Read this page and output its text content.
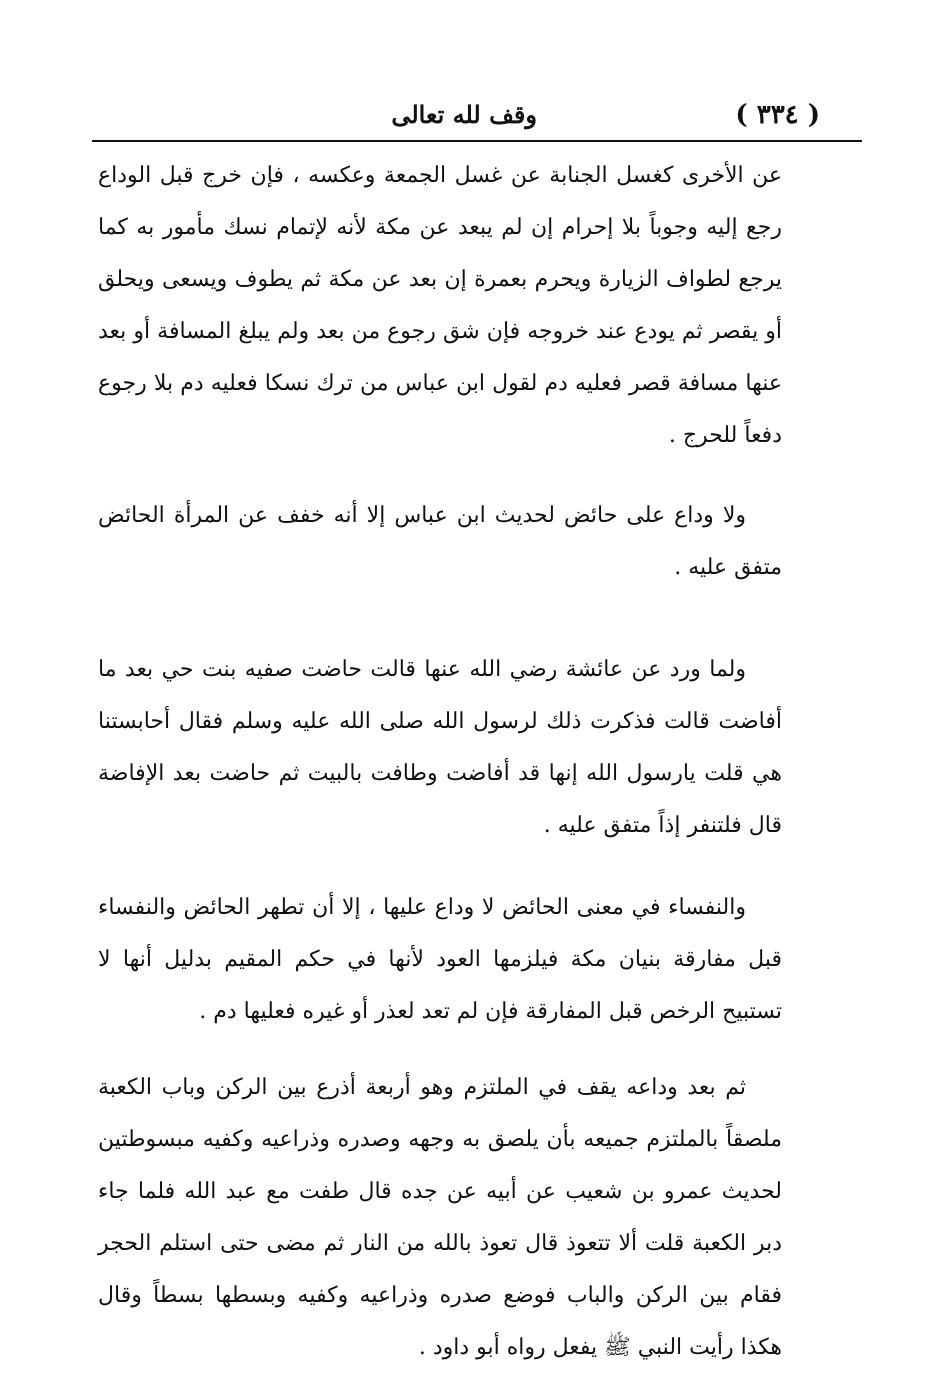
( ٣٣٤ )
وقف لله تعالى

عن الأخرى كغسل الجنابة عن غسل الجمعة وعكسه ، فإن خرج قبل الوداع رجع إليه وجوباً بلا إحرام إن لم يبعد عن مكة لأنه لإتمام نسك مأمور به كما يرجع لطواف الزيارة ويحرم بعمرة إن بعد عن مكة ثم يطوف ويسعى ويحلق أو يقصر ثم يودع عند خروجه فإن شق رجوع من بعد ولم يبلغ المسافة أو بعد عنها مسافة قصر فعليه دم لقول ابن عباس من ترك نسكا فعليه دم بلا رجوع دفعاً للحرج .

ولا وداع على حائض لحديث ابن عباس إلا أنه خفف عن المرأة الحائض متفق عليه .

ولما ورد عن عائشة رضي الله عنها قالت حاضت صفيه بنت حي بعد ما أفاضت قالت فذكرت ذلك لرسول الله صلى الله عليه وسلم فقال أحابستنا هي قلت يارسول الله إنها قد أفاضت وطافت بالبيت ثم حاضت بعد الإفاضة قال فلتنفر إذاً متفق عليه .

والنفساء في معنى الحائض لا وداع عليها ، إلا أن تطهر الحائض والنفساء قبل مفارقة بنيان مكة فيلزمها العود لأنها في حكم المقيم بدليل أنها لا تستبيح الرخص قبل المفارقة فإن لم تعد لعذر أو غيره فعليها دم .

ثم بعد وداعه يقف في الملتزم وهو أربعة أذرع بين الركن وباب الكعبة ملصقاً بالملتزم جميعه بأن يلصق به وجهه وصدره وذراعيه وكفيه مبسوطتين لحديث عمرو بن شعيب عن أبيه عن جده قال طفت مع عبد الله فلما جاء دبر الكعبة قلت ألا تتعوذ قال تعوذ بالله من النار ثم مضى حتى استلم الحجر فقام بين الركن والباب فوضع صدره وذراعيه وكفيه وبسطها بسطاً وقال هكذا رأيت النبي ﷺ يفعل رواه أبو داود .
